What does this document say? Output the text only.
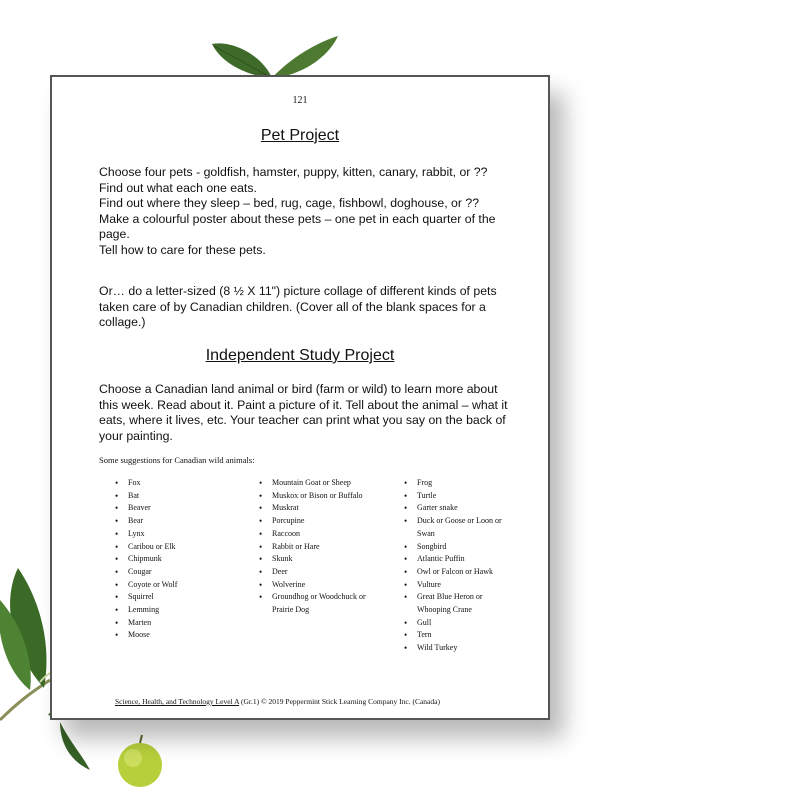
121
Pet Project
Choose four pets - goldfish, hamster, puppy, kitten, canary, rabbit, or ??
Find out what each one eats.
Find out where they sleep – bed, rug, cage, fishbowl, doghouse, or ??
Make a colourful poster about these pets – one pet in each quarter of the page.
Tell how to care for these pets.
Or… do a letter-sized (8 ½ X 11") picture collage of different kinds of pets taken care of by Canadian children. (Cover all of the blank spaces for a collage.)
Independent Study Project
Choose a Canadian land animal or bird (farm or wild) to learn more about this week. Read about it. Paint a picture of it. Tell about the animal – what it eats, where it lives, etc. Your teacher can print what you say on the back of your painting.
Some suggestions for Canadian wild animals:
• Fox
• Bat
• Beaver
• Bear
• Lynx
• Caribou or Elk
• Chipmunk
• Cougar
• Coyote or Wolf
• Squirrel
• Lemming
• Marten
• Moose
• Mountain Goat or Sheep
• Muskox or Bison or Buffalo
• Muskrat
• Porcupine
• Raccoon
• Rabbit or Hare
• Skunk
• Deer
• Wolverine
• Groundhog or Woodchuck or Prairie Dog
• Frog
• Turtle
• Garter snake
• Duck or Goose or Loon or Swan
• Songbird
• Atlantic Puffin
• Owl or Falcon or Hawk
• Vulture
• Great Blue Heron or Whooping Crane
• Gull
• Tern
• Wild Turkey
Science, Health, and Technology Level A (Gr.1) © 2019 Peppermint Stick Learning Company Inc. (Canada)
